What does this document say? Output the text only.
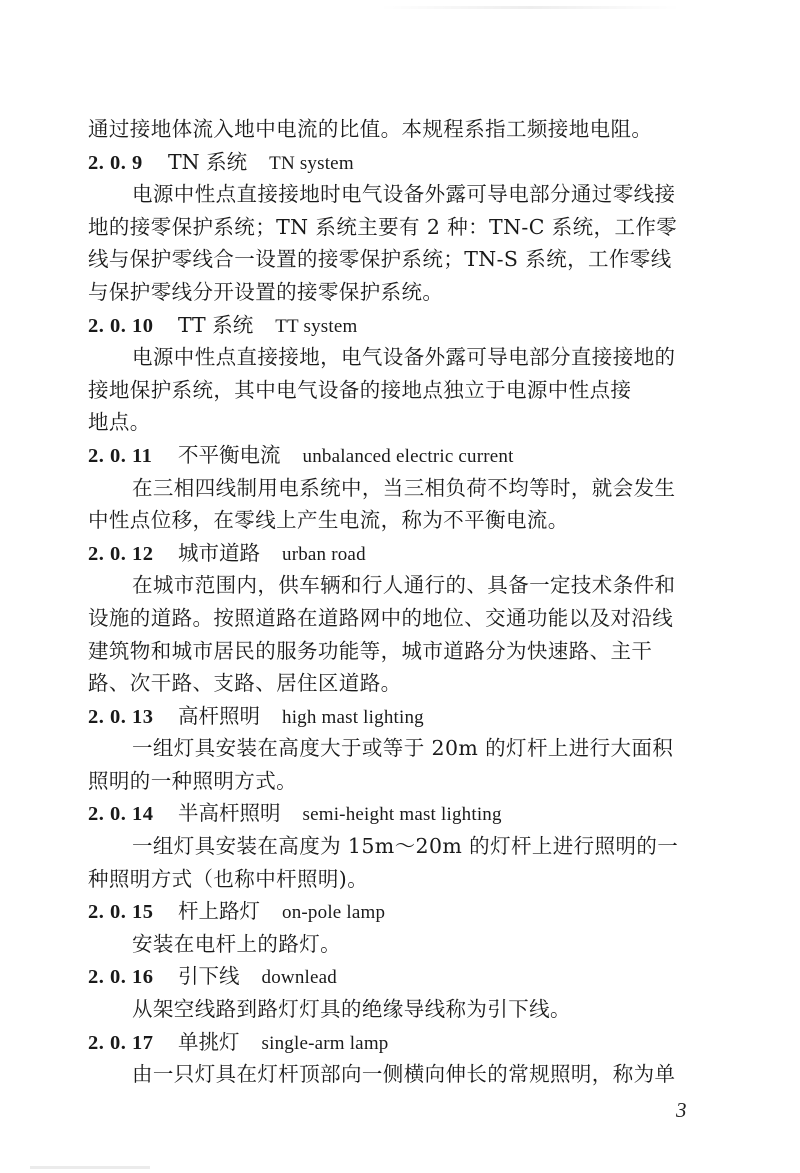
通过接地体流入地中电流的比值。本规程系指工频接地电阻。
2. 0. 9 TN 系统 TN system
电源中性点直接接地时电气设备外露可导电部分通过零线接
地的接零保护系统；TN 系统主要有 2 种：TN-C 系统，工作零
线与保护零线合一设置的接零保护系统；TN-S 系统，工作零线
与保护零线分开设置的接零保护系统。
2. 0. 10 TT 系统 TT system
电源中性点直接接地，电气设备外露可导电部分直接接地的
接地保护系统，其中电气设备的接地点独立于电源中性点接
地点。
2. 0. 11 不平衡电流 unbalanced electric current
在三相四线制用电系统中，当三相负荷不均等时，就会发生
中性点位移，在零线上产生电流，称为不平衡电流。
2. 0. 12 城市道路 urban road
在城市范围内，供车辆和行人通行的、具备一定技术条件和
设施的道路。按照道路在道路网中的地位、交通功能以及对沿线
建筑物和城市居民的服务功能等，城市道路分为快速路、主干
路、次干路、支路、居住区道路。
2. 0. 13 高杆照明 high mast lighting
一组灯具安装在高度大于或等于 20m 的灯杆上进行大面积
照明的一种照明方式。
2. 0. 14 半高杆照明 semi-height mast lighting
一组灯具安装在高度为 15m～20m 的灯杆上进行照明的一
种照明方式（也称中杆照明)。
2. 0. 15 杆上路灯 on-pole lamp
安装在电杆上的路灯。
2. 0. 16 引下线 downlead
从架空线路到路灯灯具的绝缘导线称为引下线。
2. 0. 17 单挑灯 single-arm lamp
由一只灯具在灯杆顶部向一侧横向伸长的常规照明，称为单
3
